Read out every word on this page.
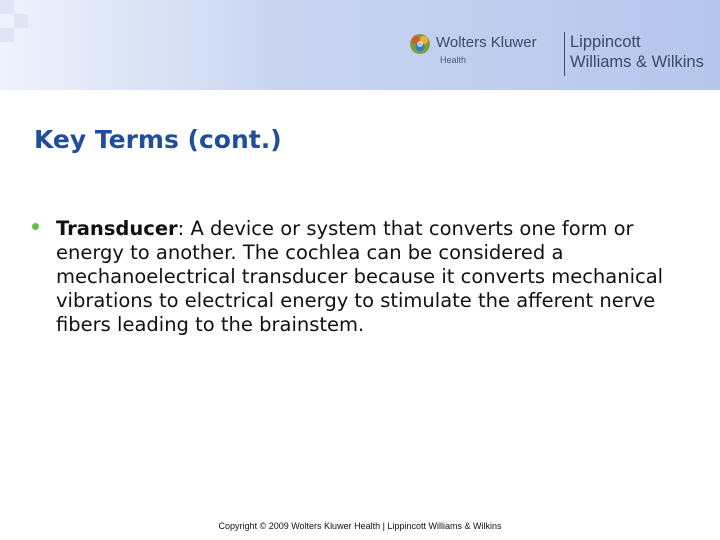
Wolters Kluwer
Health
Lippincott
Williams & Wilkins
Key Terms (cont.)
Transducer: A device or system that converts one form or energy to another. The cochlea can be considered a mechanoelectrical transducer because it converts mechanical vibrations to electrical energy to stimulate the afferent nerve fibers leading to the brainstem.
Copyright © 2009 Wolters Kluwer Health | Lippincott Williams & Wilkins
